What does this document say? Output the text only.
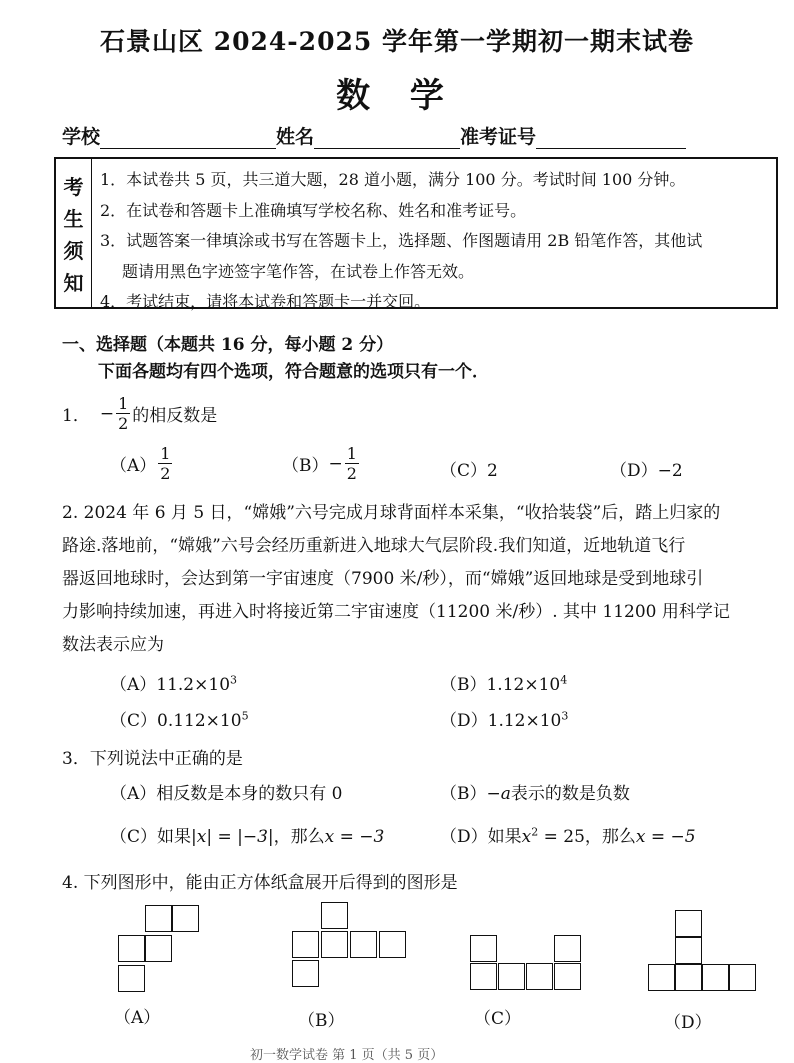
石景山区 2024-2025 学年第一学期初一期末试卷
数 学
学校	姓名	准考证号
考
生
须
知
1．本试卷共 5 页，共三道大题，28 道小题，满分 100 分。考试时间 100 分钟。
2．在试卷和答题卡上准确填写学校名称、姓名和准考证号。
3．试题答案一律填涂或书写在答题卡上，选择题、作图题请用 2B 铅笔作答，其他试
题请用黑色字迹签字笔作答，在试卷上作答无效。
4．考试结束，请将本试卷和答题卡一并交回。
一、选择题（本题共 16 分，每小题 2 分）
下面各题均有四个选项，符合题意的选项只有一个．
1． − $\frac{1}{2}$ 的相反数是
$(A) \frac{1}{2}$	$(B) - \frac{1}{2}$	（C）2	（D）−2
2. 2024 年 6 月 5 日，“嫦娥”六号完成月球背面样本采集，“收拾装袋”后，踏上归家的
路途.落地前，“嫦娥”六号会经历重新进入地球大气层阶段.我们知道，近地轨道飞行
器返回地球时，会达到第一宇宙速度（7900 米/秒），而“嫦娥”返回地球是受到地球引
力影响持续加速，再进入时将接近第二宇宙速度（11200 米/秒）. 其中 11200 用科学记
数法表示应为
$(A)11.2\times 10^3$	$(B)1.12\times 10^4$
$(C)0.112\times 10^5$	$(D)1.12\times 10^3$
3．下列说法中正确的是
（A）相反数是本身的数只有 0	（B）−a表示的数是负数
（C）如果|x| = |−3|，那么x = −3	（D）如果$x^2 = 25$，那么x = −5
4. 下列图形中，能由正方体纸盒展开后得到的图形是
（A）	（B）	（C）	（D）
初一数学试卷 第 1 页（共 5 页）
